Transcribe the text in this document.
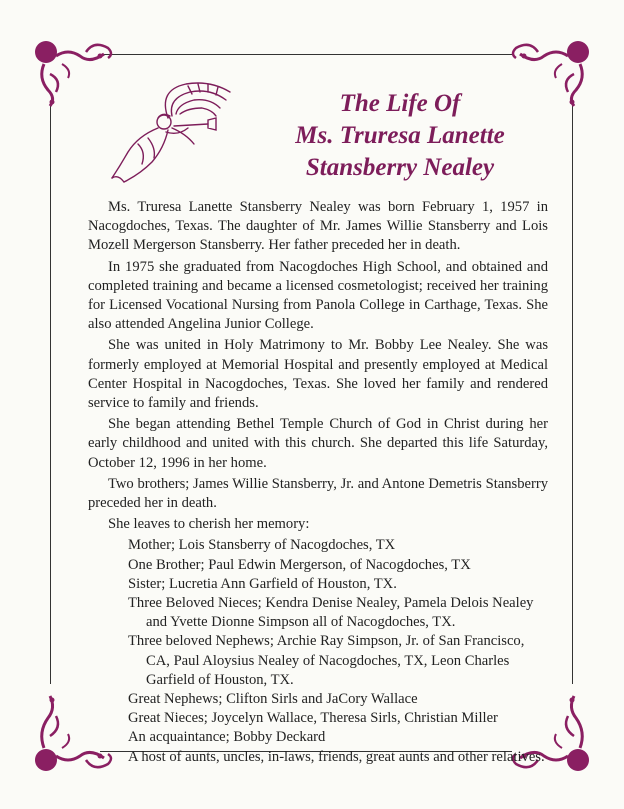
The Life Of
Ms. Truresa Lanette
Stansberry Nealey

Ms. Truresa Lanette Stansberry Nealey was born February 1, 1957 in Nacogdoches, Texas. The daughter of Mr. James Willie Stansberry and Lois Mozell Mergerson Stansberry. Her father preceded her in death.

In 1975 she graduated from Nacogdoches High School, and obtained and completed training and became a licensed cosmetologist; received her training for Licensed Vocational Nursing from Panola College in Carthage, Texas. She also attended Angelina Junior College.

She was united in Holy Matrimony to Mr. Bobby Lee Nealey. She was formerly employed at Memorial Hospital and presently employed at Medical Center Hospital in Nacogdoches, Texas. She loved her family and rendered service to family and friends.

She began attending Bethel Temple Church of God in Christ during her early childhood and united with this church. She departed this life Saturday, October 12, 1996 in her home.

Two brothers; James Willie Stansberry, Jr. and Antone Demetris Stansberry preceded her in death.

She leaves to cherish her memory:

Mother; Lois Stansberry of Nacogdoches, TX
One Brother; Paul Edwin Mergerson, of Nacogdoches, TX
Sister; Lucretia Ann Garfield of Houston, TX.
Three Beloved Nieces; Kendra Denise Nealey, Pamela Delois Nealey and Yvette Dionne Simpson all of Nacogdoches, TX.
Three beloved Nephews; Archie Ray Simpson, Jr. of San Francisco, CA, Paul Aloysius Nealey of Nacogdoches, TX, Leon Charles Garfield of Houston, TX.
Great Nephews; Clifton Sirls and JaCory Wallace
Great Nieces; Joycelyn Wallace, Theresa Sirls, Christian Miller
An acquaintance; Bobby Deckard
A host of aunts, uncles, in-laws, friends, great aunts and other relatives.
